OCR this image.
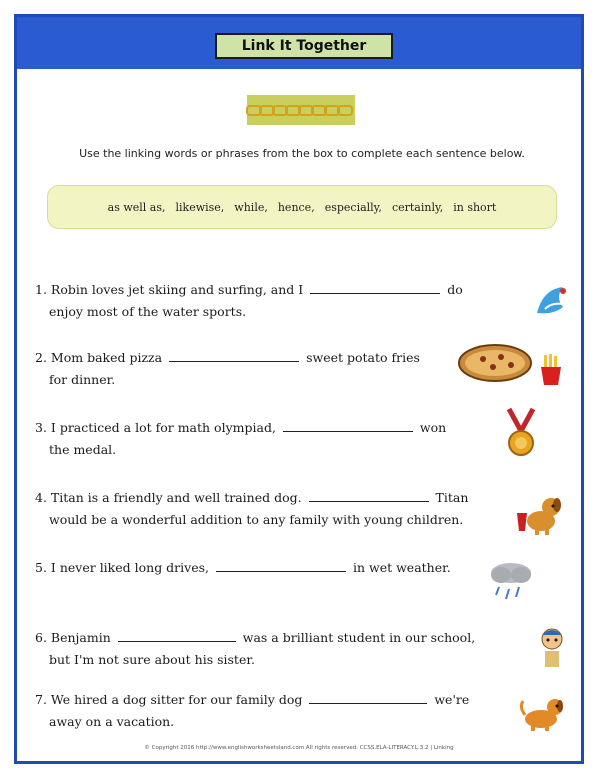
Link It Together
Use the linking words or phrases from the box to complete each sentence below.
as well as, likewise, while, hence, especially, certainly, in short
1. Robin loves jet skiing and surfing, and I	do
enjoy most of the water sports.
2. Mom baked pizza	sweet potato fries
for dinner.
3. I practiced a lot for math olympiad,	won
the medal.
4. Titan is a friendly and well trained dog.	Titan
would be a wonderful addition to any family with young children.
5. I never liked long drives,	in wet weather.
6. Benjamin	was a brilliant student in our school,
but I'm not sure about his sister.
7. We hired a dog sitter for our family dog	we're
away on a vacation.
© Copyright 2016 http://www.englishworksheetsland.com All rights reserved. CCSS.ELA-LITERACY.L.3.2 | Linking
